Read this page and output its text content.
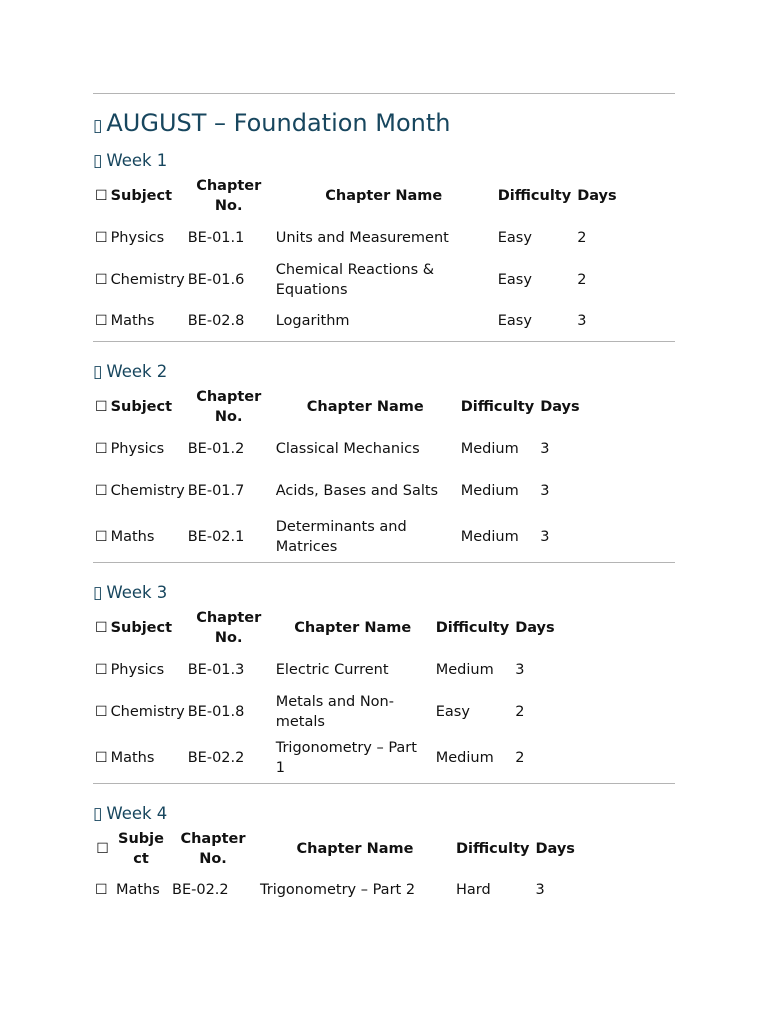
▯ AUGUST – Foundation Month
▯ Week 1
☐ Subject	Chapter No.	Chapter Name	Difficulty	Days
☐ Physics	BE-01.1	Units and Measurement	Easy	2
☐ Chemistry	BE-01.6	Chemical Reactions & Equations	Easy	2
☐ Maths	BE-02.8	Logarithm	Easy	3
▯ Week 2
☐ Subject	Chapter No.	Chapter Name	Difficulty	Days
☐ Physics	BE-01.2	Classical Mechanics	Medium	3
☐ Chemistry	BE-01.7	Acids, Bases and Salts	Medium	3
☐ Maths	BE-02.1	Determinants and Matrices	Medium	3
▯ Week 3
☐ Subject	Chapter No.	Chapter Name	Difficulty	Days
☐ Physics	BE-01.3	Electric Current	Medium	3
☐ Chemistry	BE-01.8	Metals and Non-metals	Easy	2
☐ Maths	BE-02.2	Trigonometry – Part 1	Medium	2
▯ Week 4
☐	Subject	Chapter No.	Chapter Name	Difficulty	Days
☐	Maths	BE-02.2	Trigonometry – Part 2	Hard	3
